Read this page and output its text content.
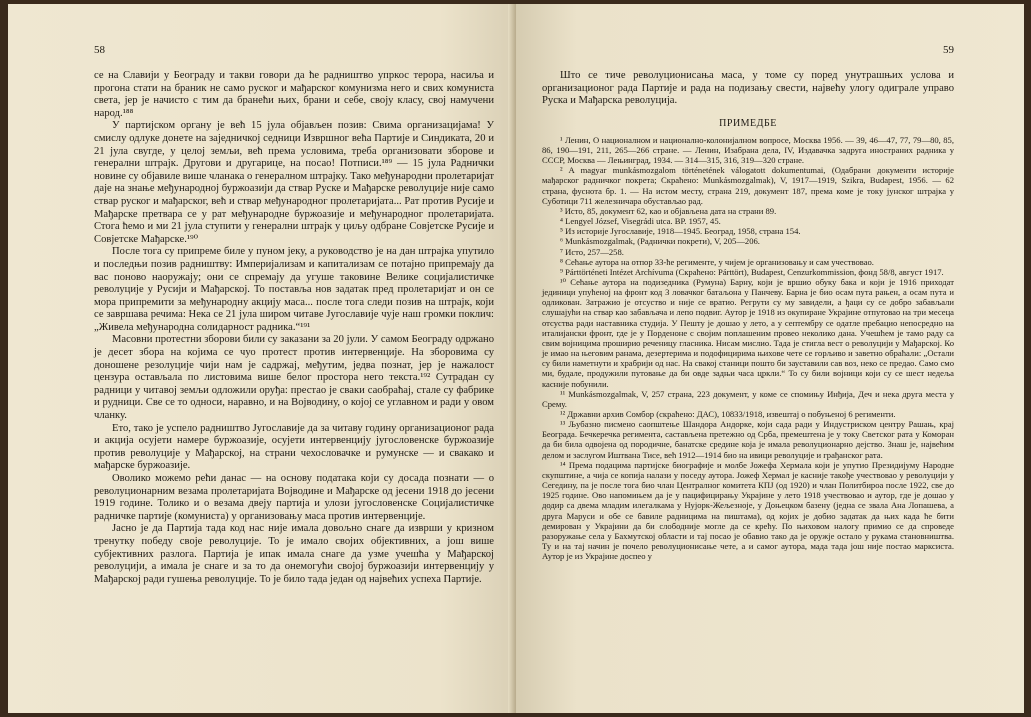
58

се на Славији у Београду и такви говори да ће радништво упркос терора, насиља и прогона стати на браник не само руског и мађарског комунизма него и свих комуниста света, јер је начисто с тим да бранећи њих, брани и себе, своју класу, свој намучени народ.¹⁸⁸

У партијском органу је већ 15 јула објављен позив: Свима организацијама! У смислу одлуке донете на заједничкој седници Извршног већа Партије и Синдиката, 20 и 21 јула свугде, у целој земљи, већ према условима, треба организовати зборове и генерални штрајк. Другови и другарице, на посао! Потписи.¹⁸⁹ — 15 јула Раднички новине су објавиле више чланака о генералном штрајку. Тако међународни пролетаријат даје на знање међународној буржоазији да ствар Руске и Мађарске револуције није само ствар руског и мађарског, већ и ствар међународног пролетаријата... Рат против Русије и Мађарске претвара се у рат међународне буржоазије и међународног пролетаријата. Стога ћемо и ми 21 јула ступити у генерални штрајк у циљу одбране Совјетске Русије и Совјетске Мађарске.¹⁹⁰

После тога су припреме биле у пуном јеку, а руководство је на дан штрајка упутило и последњи позив радништву: Империјализам и капитализам се потајно припремају да вас поново наоружају; они се спремају да угуше таковине Велике социјалистичке револуције у Русији и Мађарској. То поставља нов задатак пред пролетаријат и он се мора припремити за међународну акцију маса... после тога следи позив на штрајк, који се завршава речима: Нека се 21 јула широм читаве Југославије чује наш громки поклич: „Живела међународна солидарност радника.“¹⁹¹

Масовни протестни зборови били су заказани за 20 јули. У самом Београду одржано је десет збора на којима се чуо протест против интервенције. На зборовима су доношене резолуције чији нам је садржај, међутим, једва познат, јер је нажалост цензура остављала по листовима више белог простора него текста.¹⁹² Сутрадан су радници у читавој земљи одложили оруђа: престао је сваки саобраћај, стале су фабрике и рудници. Све се то односи, наравно, и на Војводину, о којој се углавном и ради у овом чланку.

Ето, тако је успело радништво Југославије да за читаву годину организационог рада и акција осујети намере буржоазије, осујети интервенцију југословенске буржоазије против револуције у Мађарској, на страни чехословачке и румунске — и свакако и мађарске буржоазије.

Оволико можемо рећи данас — на основу података који су досада познати — о револуционарним везама пролетаријата Војводине и Мађарске од јесени 1918 до јесени 1919 године. Толико и о везама двеју партија и улози југословенске Социјалистичке радничке партије (комуниста) у организовању маса против интервенције.

Јасно је да Партија тада код нас није имала довољно снаге да изврши у кризном тренутку победу своје револуције. То је имало својих објективних, а још више субјективних разлога. Партија је ипак имала снаге да узме учешћа у Мађарској револуцији, а имала је снаге и за то да онемогући својој буржоазији интервенцију у Мађарској ради гушења револуције. То је било тада један од највећих успеха Партије.

59

Што се тиче револуционисања маса, у томе су поред унутрашњих услова и организационог рада Партије и рада на подизању свести, највећу улогу одиграле управо Руска и Мађарска револуција.

ПРИМЕДБЕ

¹ Ленин, О националном и национално-колонијалном вопросе, Москва 1956. — 39, 46—47, 77, 79—80, 85, 86, 190—191, 211, 265—266 стране. — Ленин, Изабрана дела, IV, Издавачка задруга иностраних радника у СССР, Москва — Лењинград, 1934. — 314—315, 316, 319—320 стране.

² A magyar munkásmozgalom történetének válogatott dokumentumai, (Одабрани документи историје мађарског радничког покрета; Скраћено: Munkásmozgalmak), V, 1917—1919, Szikra, Budapest, 1956. — 62 страна, фуснота бр. 1. — На истом месту, страна 219, документ 187, према коме је току јунског штрајка у Суботици 711 железничара обустављао рад.

³ Исто, 85, документ 62, као и објављена дата на страни 89.

⁴ Lengyel József, Visegrádi utca. BP. 1957, 45.

⁵ Из историје Југославије, 1918—1945. Београд, 1958, страна 154.

⁶ Munkásmozgalmak, (Раднички покрети), V, 205—206.

⁷ Исто, 257—258.

⁸ Сећање аутора на отпор 33-ће регименте, у чијем је организовању и сам учествовао.

⁹ Párttörténeti Intézet Archívuma (Скраћено: Párttört), Budapest, Cenzurkommission, фонд 58/8, август 1917.

¹⁰ Сећање аутора на подизедника (Румуна) Барну, који је вршио обуку бака и који је 1916 приходат јединици упућеној на фронт код 3 ловачког батаљона у Панчеву. Барна је био осам пута рањен, а осам пута и одликован. Затражио је отсуство и није се вратио. Регрути су му завидели, а ђаци су се добро забављали слушајући на ствар као забављача и лепо подвиг. Аутор је 1918 из окупиране Украјине отпутовао на три месеца отсуства ради наставника студија. У Пешту је дошао у лето, а у септембру се одатле пребацио непосредно на италијански фронт, где је у Порденоне с својим поплашеним провео неколико дана. Учешћем је тамо раду са свим војницима проширио реченицу гласника. Нисам мислио. Тада је стигла вест о револуцији у Мађарској. Ко је имао на његовим ранама, дезертерима и подофицирима њихове чете се горљиво и заветно обраћали: „Остали су били наметнути и храбрији од нас. На свакој станици пошто би зауставили сав воз, неко се предао. Само смо ми, будале, продужили путовање да би овде задњи часа цркли.“ То су били војници који су се шест недеља касније побунили.

¹¹ Munkásmozgalmak, V, 257 страна, 223 документ, у коме се спомињу Инђија, Деч и нека друга места у Срему.

¹² Државни архив Сомбор (скраћено: ДАС), 10833/1918, извештај о побуњеној 6 регименти.

¹³ Љубазно писмено саопштење Шандора Андорке, који сада ради у Индустриском центру Рашањ, крај Београда. Бечкеречка регимента, састављена претежно од Срба, премештена је у току Светског рата у Коморан да би била одвојена од породичне, банатске средине која је имала револуционарно дејство. Знаш је, највећим делом и заслугом Иштвана Тисе, већ 1912—1914 био на ивици револуције и грађанског рата.

¹⁴ Према подацима партијске биографије и молбе Јожефа Хермала који је упутио Президијуму Народне скупштине, а чија се копија налази у поседу аутора. Јожеф Хермал је касније такође учествовао у револуцији у Сегедину, па је после тога био члан Централног комитета КПЈ (од 1920) и члан Политбироа после 1922, све до 1925 године. Ово напомињем да је у пацифицирању Украјине у лето 1918 учествовао и аутор, где је дошао у додир са двема младим илегалкама у Нујорк-Жељезноје, у Доњецком базену (једна се звала Ана Лопашева, а друга Маруси и обе се бавиле радницима на пиштама), од којих је добио задатак да њих када ће бити демирован у Украјини да би слободније могле да се крећу. По њиховом налогу примио се да спроведе разоружање села у Бахмутској области и тај посао је обавио тако да је оружје остало у рукама становништва. Ту и на тај начин је почело револуционисање чете, а и самог аутора, мада тада још није постао марксиста. Аутор је из Украјине доспео у
